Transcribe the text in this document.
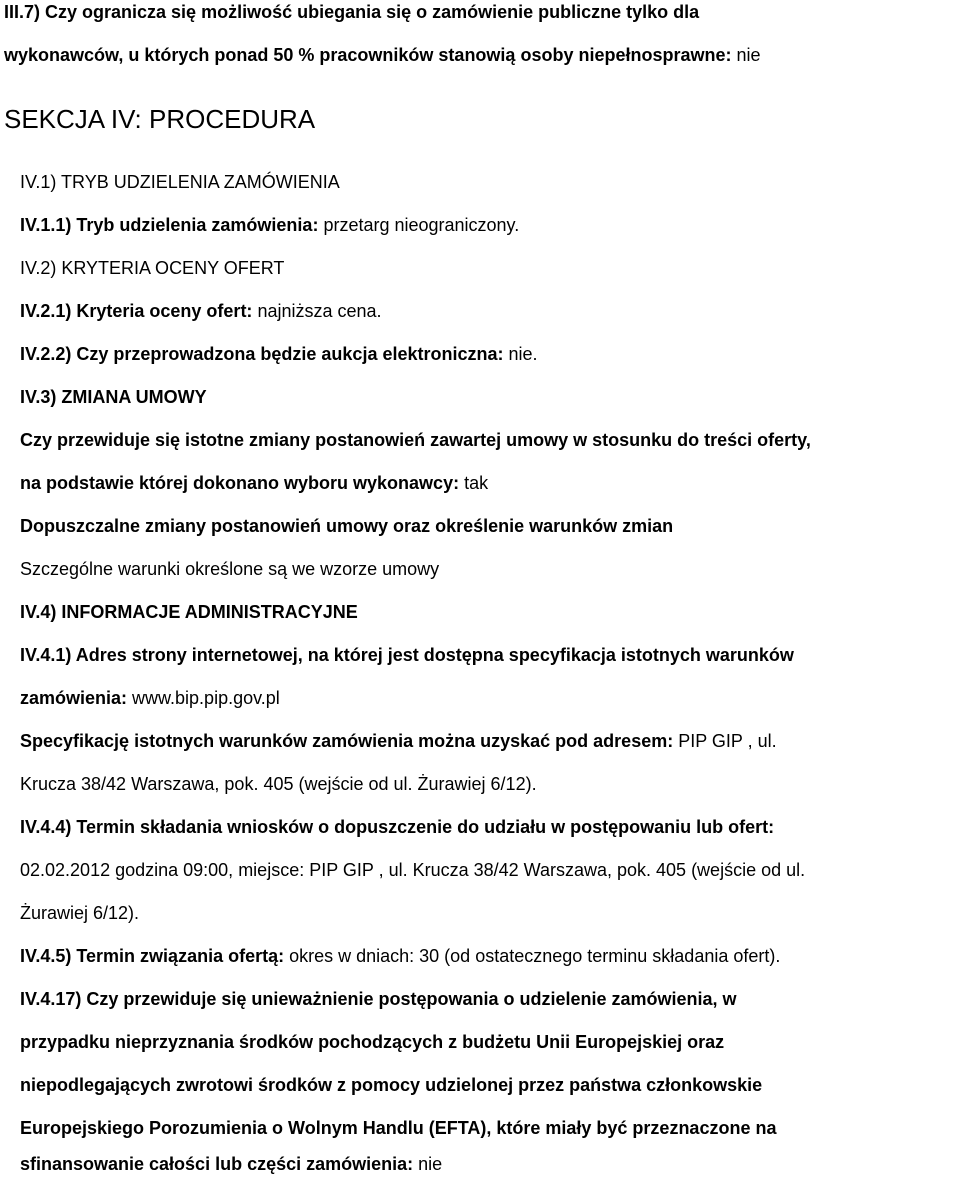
III.7) Czy ogranicza się możliwość ubiegania się o zamówienie publiczne tylko dla
wykonawców, u których ponad 50 % pracowników stanowią osoby niepełnosprawne: nie
SEKCJA IV: PROCEDURA
IV.1) TRYB UDZIELENIA ZAMÓWIENIA
IV.1.1) Tryb udzielenia zamówienia: przetarg nieograniczony.
IV.2) KRYTERIA OCENY OFERT
IV.2.1) Kryteria oceny ofert: najniższa cena.
IV.2.2) Czy przeprowadzona będzie aukcja elektroniczna: nie.
IV.3) ZMIANA UMOWY
Czy przewiduje się istotne zmiany postanowień zawartej umowy w stosunku do treści oferty,
na podstawie której dokonano wyboru wykonawcy: tak
Dopuszczalne zmiany postanowień umowy oraz określenie warunków zmian
Szczególne warunki określone są we wzorze umowy
IV.4) INFORMACJE ADMINISTRACYJNE
IV.4.1) Adres strony internetowej, na której jest dostępna specyfikacja istotnych warunków
zamówienia: www.bip.pip.gov.pl
Specyfikację istotnych warunków zamówienia można uzyskać pod adresem: PIP GIP , ul.
Krucza 38/42 Warszawa, pok. 405 (wejście od ul. Żurawiej 6/12).
IV.4.4) Termin składania wniosków o dopuszczenie do udziału w postępowaniu lub ofert:
02.02.2012 godzina 09:00, miejsce: PIP GIP , ul. Krucza 38/42 Warszawa, pok. 405 (wejście od ul.
Żurawiej 6/12).
IV.4.5) Termin związania ofertą: okres w dniach: 30 (od ostatecznego terminu składania ofert).
IV.4.17) Czy przewiduje się unieważnienie postępowania o udzielenie zamówienia, w
przypadku nieprzyznania środków pochodzących z budżetu Unii Europejskiej oraz
niepodlegających zwrotowi środków z pomocy udzielonej przez państwa członkowskie
Europejskiego Porozumienia o Wolnym Handlu (EFTA), które miały być przeznaczone na
sfinansowanie całości lub części zamówienia: nie
